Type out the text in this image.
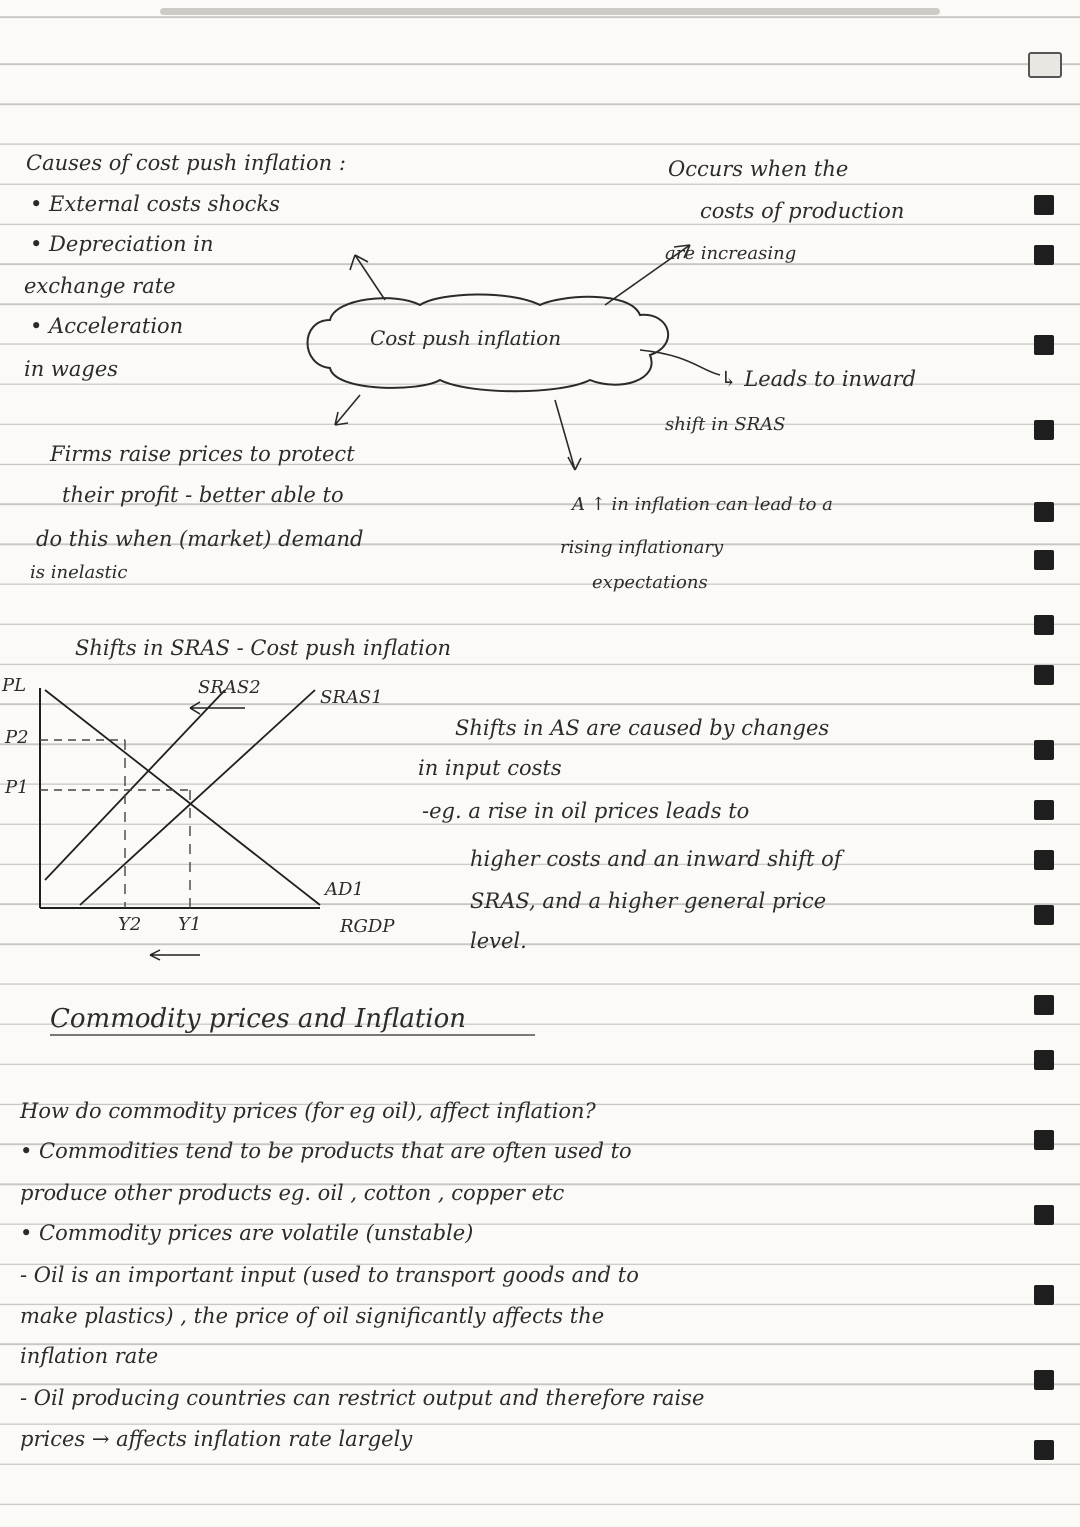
Causes of cost push inflation :
• External costs shocks
• Depreciation in
exchange rate
• Acceleration
in wages
Cost push inflation
Occurs when the
costs of production
are increasing
↳ Leads to inward
shift in SRAS
Firms raise prices to protect
their profit - better able to
do this when (market) demand
is inelastic
A ↑ in inflation can lead to a
rising inflationary
expectations
Shifts in SRAS - Cost push inflation
PL
P2
P1
SRAS2	SRAS1
AD1
RGDP
Y2 Y1
Shifts in AS are caused by changes
in input costs
-eg. a rise in oil prices leads to
higher costs and an inward shift of
SRAS, and a higher general price
level.
Commodity prices and Inflation
How do commodity prices (for eg oil), affect inflation?
• Commodities tend to be products that are often used to
produce other products eg. oil , cotton , copper etc
• Commodity prices are volatile (unstable)
- Oil is an important input (used to transport goods and to
make plastics) , the price of oil significantly affects the
inflation rate
- Oil producing countries can restrict output and therefore raise
prices → affects inflation rate largely
